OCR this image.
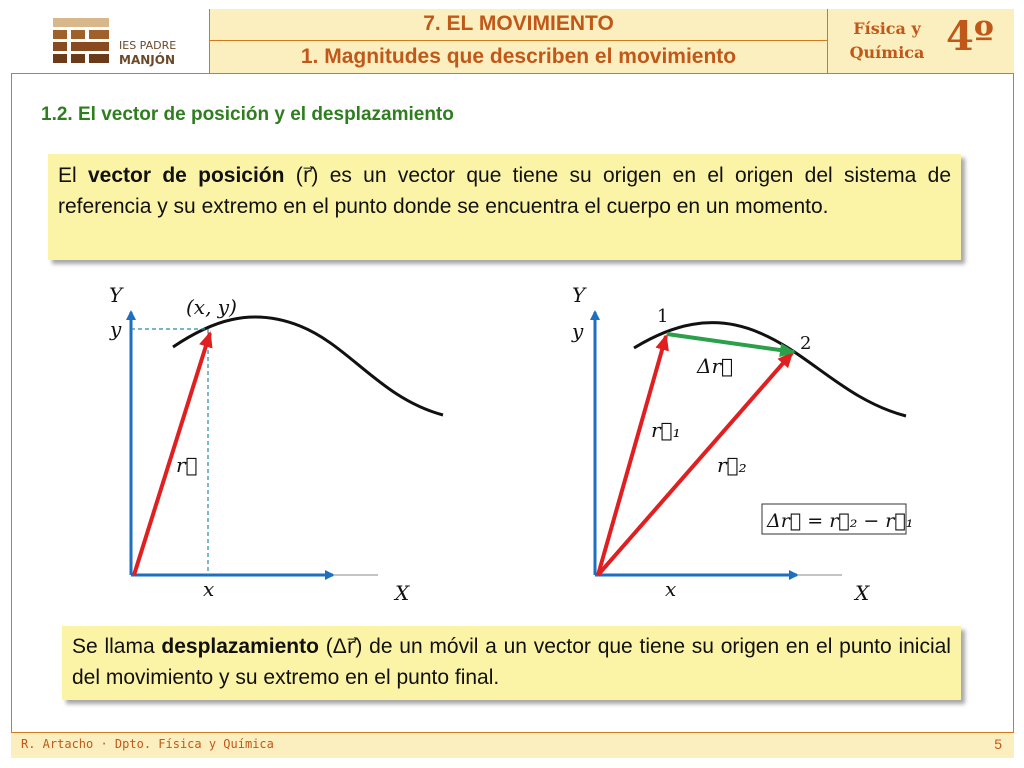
IES PADRE
MANJÓN
7. EL MOVIMIENTO
1. Magnitudes que describen el movimiento
Física y Química 4º
1.2. El vector de posición y el desplazamiento
El vector de posición (r⃗) es un vector que tiene su origen en el origen del sistema de referencia y su extremo en el punto donde se encuentra el cuerpo en un momento.
Y
X
y
x
(x, y)
r⃗
Y
X
y
x
1
2
Δr⃗
r⃗₁
r⃗₂
Δr⃗ = r⃗₂ − r⃗₁
Se llama desplazamiento (Δr⃗) de un móvil a un vector que tiene su origen en el punto inicial del movimiento y su extremo en el punto final.
R. Artacho · Dpto. Física y Química	5
